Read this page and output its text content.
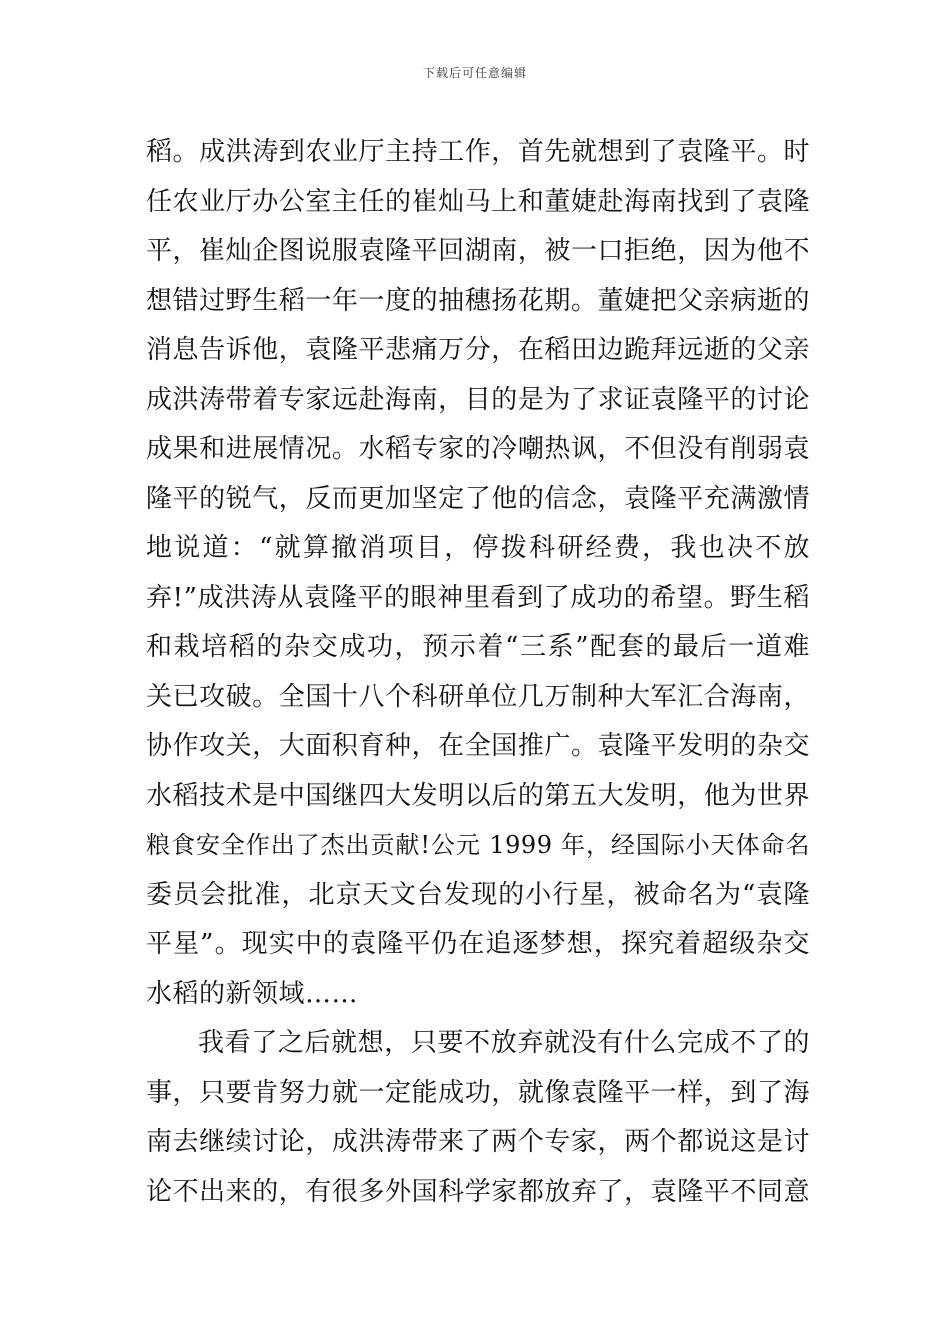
下载后可任意编辑
稻。成洪涛到农业厅主持工作，首先就想到了袁隆平。时
任农业厅办公室主任的崔灿马上和董婕赴海南找到了袁隆
平，崔灿企图说服袁隆平回湖南，被一口拒绝，因为他不
想错过野生稻一年一度的抽穗扬花期。董婕把父亲病逝的
消息告诉他，袁隆平悲痛万分，在稻田边跪拜远逝的父亲
成洪涛带着专家远赴海南，目的是为了求证袁隆平的讨论
成果和进展情况。水稻专家的冷嘲热讽，不但没有削弱袁
隆平的锐气，反而更加坚定了他的信念，袁隆平充满激情
地说道：“就算撤消项目，停拨科研经费，我也决不放
弃!”成洪涛从袁隆平的眼神里看到了成功的希望。野生稻
和栽培稻的杂交成功，预示着“三系”配套的最后一道难
关已攻破。全国十八个科研单位几万制种大军汇合海南，
协作攻关，大面积育种，在全国推广。袁隆平发明的杂交
水稻技术是中国继四大发明以后的第五大发明，他为世界
粮食安全作出了杰出贡献!公元 1999 年，经国际小天体命名
委员会批准，北京天文台发现的小行星，被命名为“袁隆
平星”。现实中的袁隆平仍在追逐梦想，探究着超级杂交
水稻的新领域……
我看了之后就想，只要不放弃就没有什么完成不了的
事，只要肯努力就一定能成功，就像袁隆平一样，到了海
南去继续讨论，成洪涛带来了两个专家，两个都说这是讨
论不出来的，有很多外国科学家都放弃了，袁隆平不同意
